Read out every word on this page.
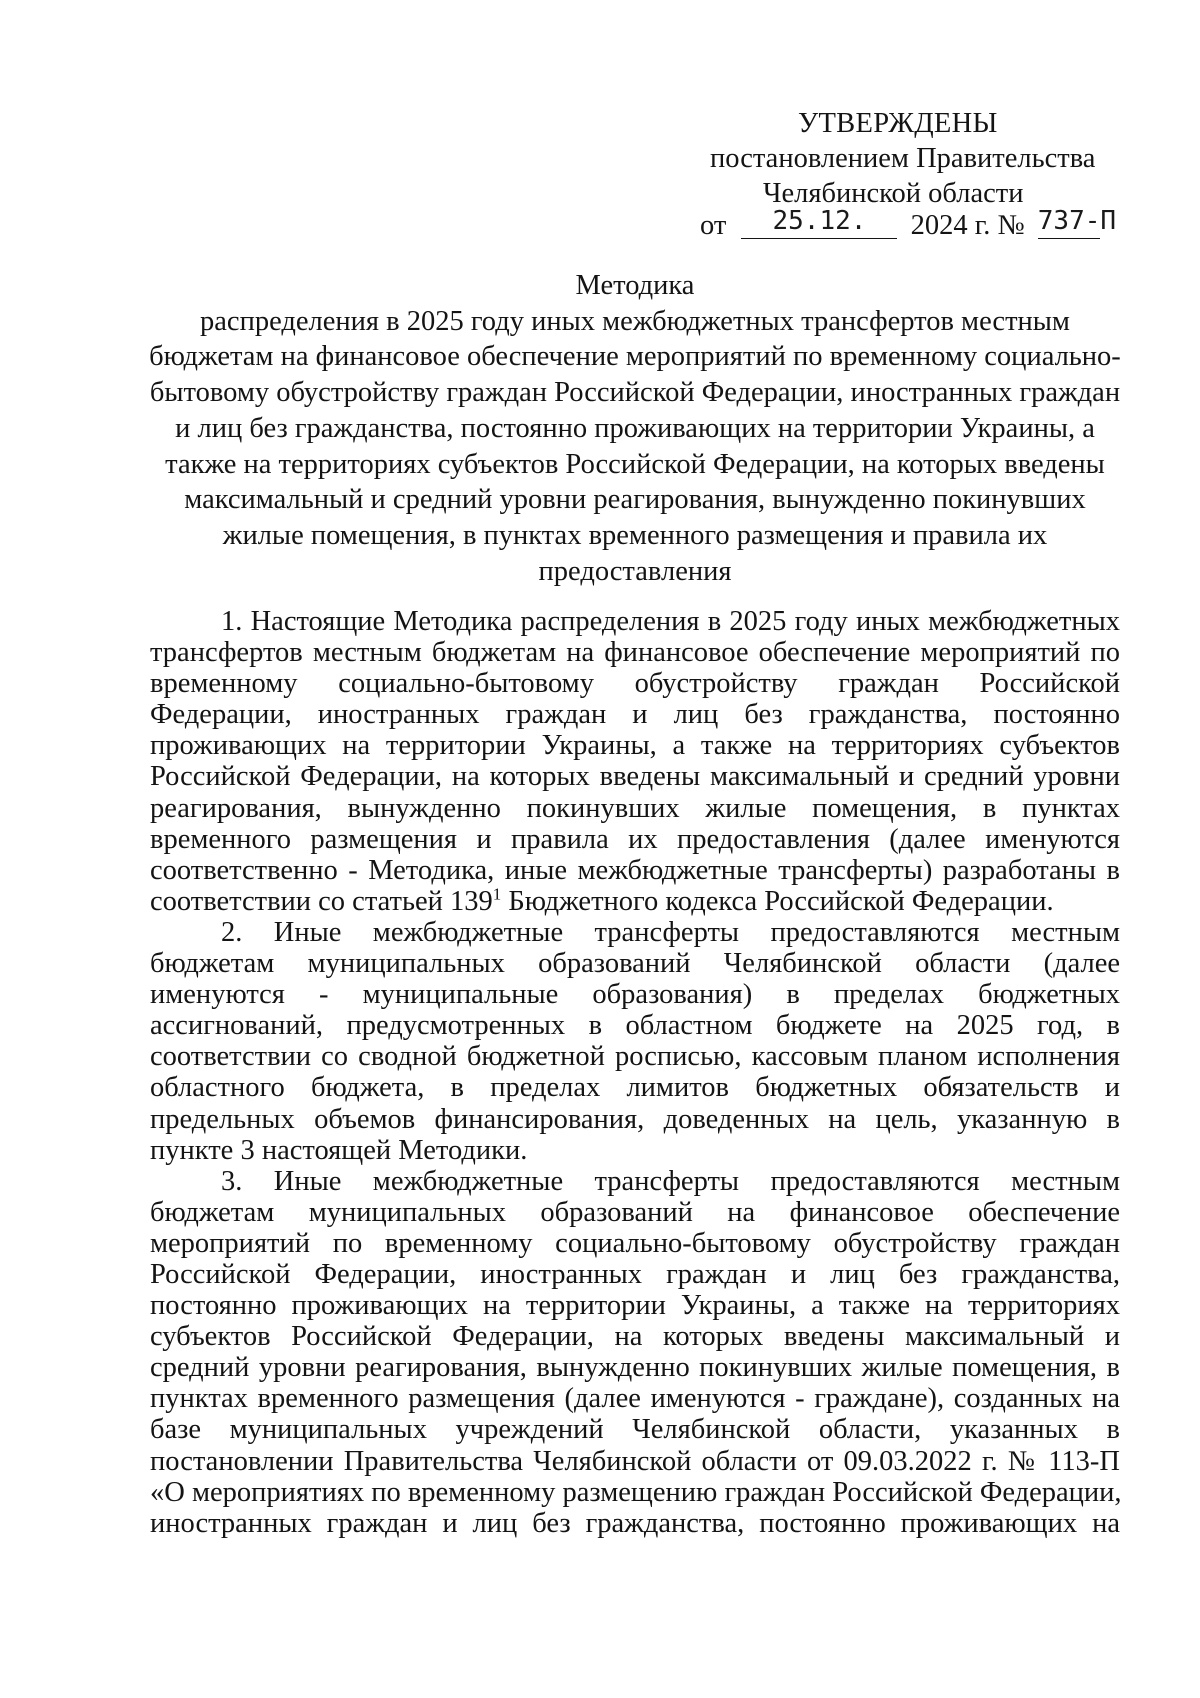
УТВЕРЖДЕНЫ
постановлением Правительства
Челябинской области
от 25.12. 2024 г. № 737-П
Методика
распределения в 2025 году иных межбюджетных трансфертов местным
бюджетам на финансовое обеспечение мероприятий по временному социально-
бытовому обустройству граждан Российской Федерации, иностранных граждан
и лиц без гражданства, постоянно проживающих на территории Украины, а
также на территориях субъектов Российской Федерации, на которых введены
максимальный и средний уровни реагирования, вынужденно покинувших
жилые помещения, в пунктах временного размещения и правила их
предоставления
1. Настоящие Методика распределения в 2025 году иных межбюджетных
трансфертов местным бюджетам на финансовое обеспечение мероприятий по
временному социально-бытовому обустройству граждан Российской
Федерации, иностранных граждан и лиц без гражданства, постоянно
проживающих на территории Украины, а также на территориях субъектов
Российской Федерации, на которых введены максимальный и средний уровни
реагирования, вынужденно покинувших жилые помещения, в пунктах
временного размещения и правила их предоставления (далее именуются
соответственно - Методика, иные межбюджетные трансферты) разработаны в
соответствии со статьей $139^1$ Бюджетного кодекса Российской Федерации.
2. Иные межбюджетные трансферты предоставляются местным
бюджетам муниципальных образований Челябинской области (далее
именуются - муниципальные образования) в пределах бюджетных
ассигнований, предусмотренных в областном бюджете на 2025 год, в
соответствии со сводной бюджетной росписью, кассовым планом исполнения
областного бюджета, в пределах лимитов бюджетных обязательств и
предельных объемов финансирования, доведенных на цель, указанную в
пункте 3 настоящей Методики.
3. Иные межбюджетные трансферты предоставляются местным
бюджетам муниципальных образований на финансовое обеспечение
мероприятий по временному социально-бытовому обустройству граждан
Российской Федерации, иностранных граждан и лиц без гражданства,
постоянно проживающих на территории Украины, а также на территориях
субъектов Российской Федерации, на которых введены максимальный и
средний уровни реагирования, вынужденно покинувших жилые помещения, в
пунктах временного размещения (далее именуются - граждане), созданных на
базе муниципальных учреждений Челябинской области, указанных в
постановлении Правительства Челябинской области от 09.03.2022 г. № 113-П
«О мероприятиях по временному размещению граждан Российской Федерации,
иностранных граждан и лиц без гражданства, постоянно проживающих на
